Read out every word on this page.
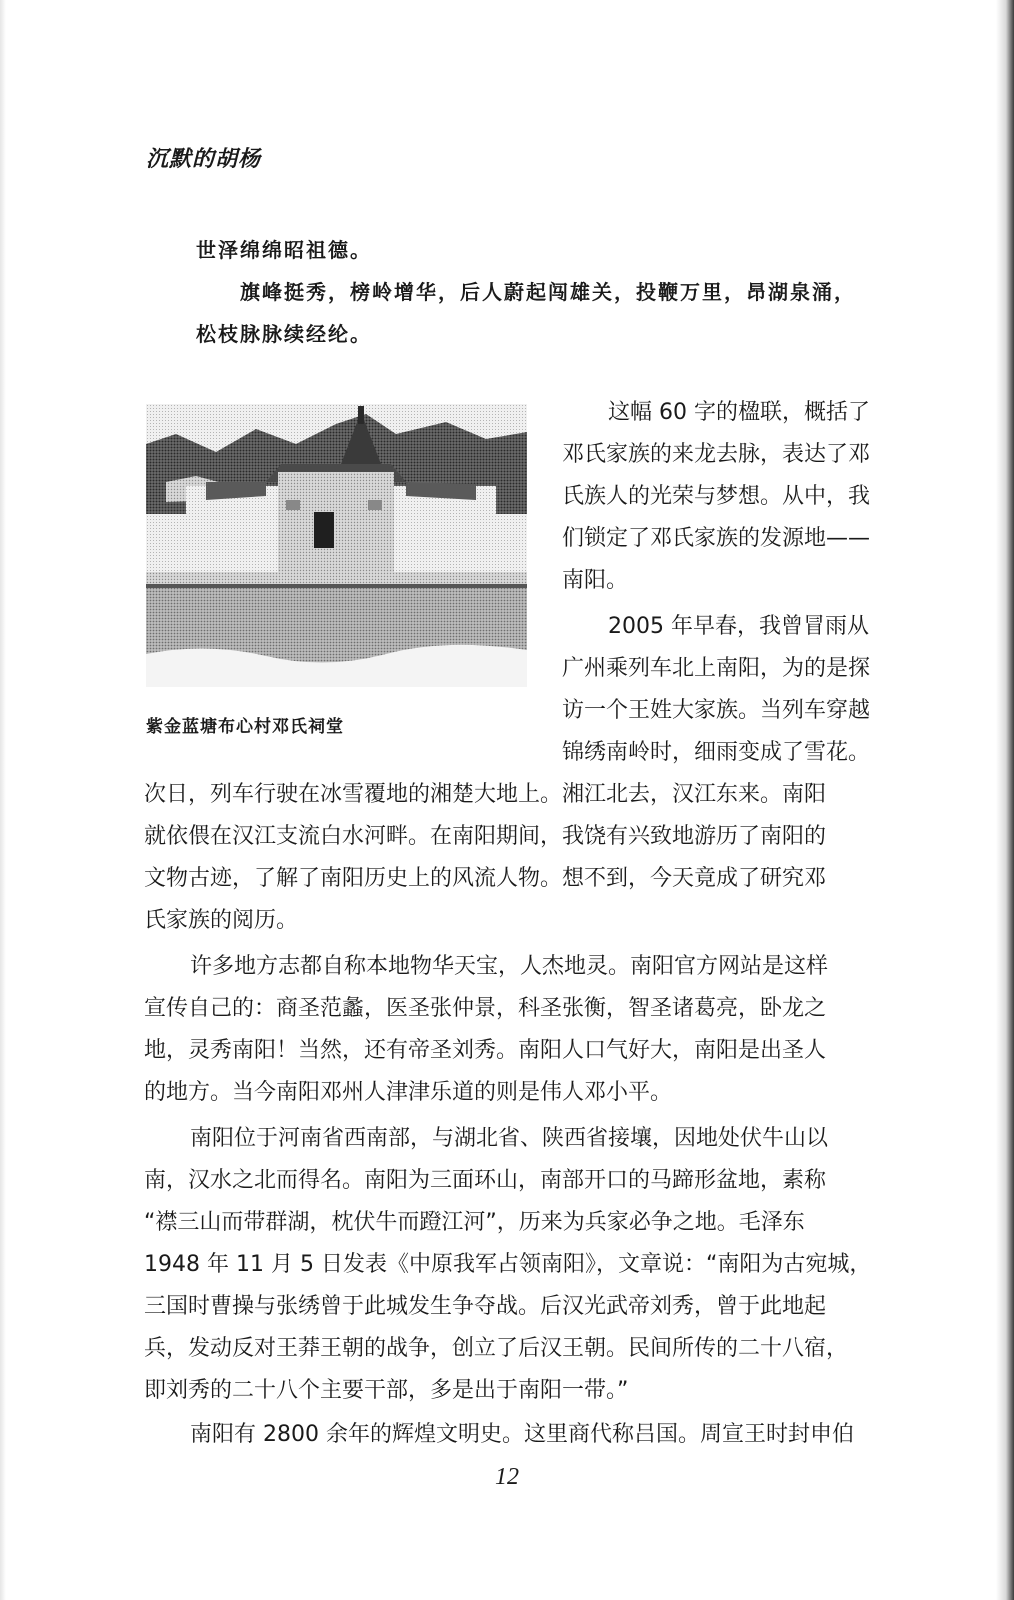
沉默的胡杨
世泽绵绵昭祖德。
旗峰挺秀，榜岭增华，后人蔚起闯雄关，投鞭万里，昂湖泉涌，
松枝脉脉续经纶。
紫金蓝塘布心村邓氏祠堂
这幅 60 字的楹联，概括了
邓氏家族的来龙去脉，表达了邓
氏族人的光荣与梦想。从中，我
们锁定了邓氏家族的发源地——
南阳。
2005 年早春，我曾冒雨从
广州乘列车北上南阳，为的是探
访一个王姓大家族。当列车穿越
锦绣南岭时，细雨变成了雪花。
次日，列车行驶在冰雪覆地的湘楚大地上。湘江北去，汉江东来。南阳
就依偎在汉江支流白水河畔。在南阳期间，我饶有兴致地游历了南阳的
文物古迹，了解了南阳历史上的风流人物。想不到，今天竟成了研究邓
氏家族的阅历。
许多地方志都自称本地物华天宝，人杰地灵。南阳官方网站是这样
宣传自己的：商圣范蠡，医圣张仲景，科圣张衡，智圣诸葛亮，卧龙之
地，灵秀南阳！当然，还有帝圣刘秀。南阳人口气好大，南阳是出圣人
的地方。当今南阳邓州人津津乐道的则是伟人邓小平。
南阳位于河南省西南部，与湖北省、陕西省接壤，因地处伏牛山以
南，汉水之北而得名。南阳为三面环山，南部开口的马蹄形盆地，素称
“襟三山而带群湖，枕伏牛而蹬江河”，历来为兵家必争之地。毛泽东
1948 年 11 月 5 日发表《中原我军占领南阳》，文章说：“南阳为古宛城，
三国时曹操与张绣曾于此城发生争夺战。后汉光武帝刘秀，曾于此地起
兵，发动反对王莽王朝的战争，创立了后汉王朝。民间所传的二十八宿，
即刘秀的二十八个主要干部，多是出于南阳一带。”
南阳有 2800 余年的辉煌文明史。这里商代称吕国。周宣王时封申伯
12
